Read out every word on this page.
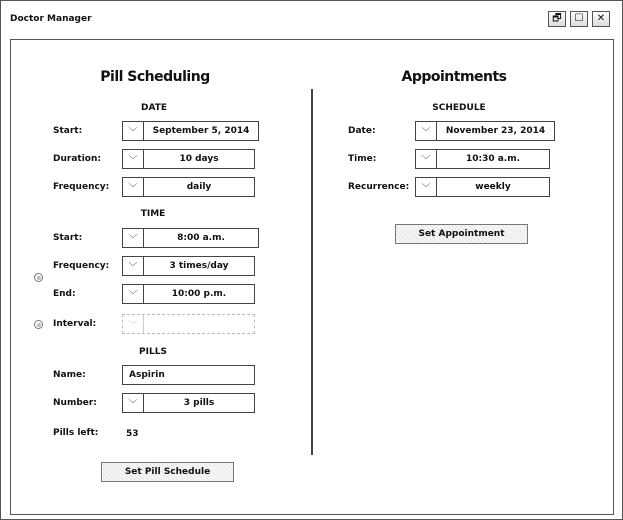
Doctor Manager	🗗 ☐ ✕
Pill Scheduling
DATE
Start:	﹀	September 5, 2014
Duration:	﹀	10 days
Frequency:	﹀	daily
TIME
Start:	﹀	8:00 a.m.
Frequency:	﹀	3 times/day
End:	﹀	10:00 p.m.
Interval:	﹀
PILLS
Name:	Aspirin
Number:	﹀	3 pills
Pills left:	53
Set Pill Schedule
Appointments
SCHEDULE
Date:	﹀	November 23, 2014
Time:	﹀	10:30 a.m.
Recurrence:	﹀	weekly
Set Appointment
